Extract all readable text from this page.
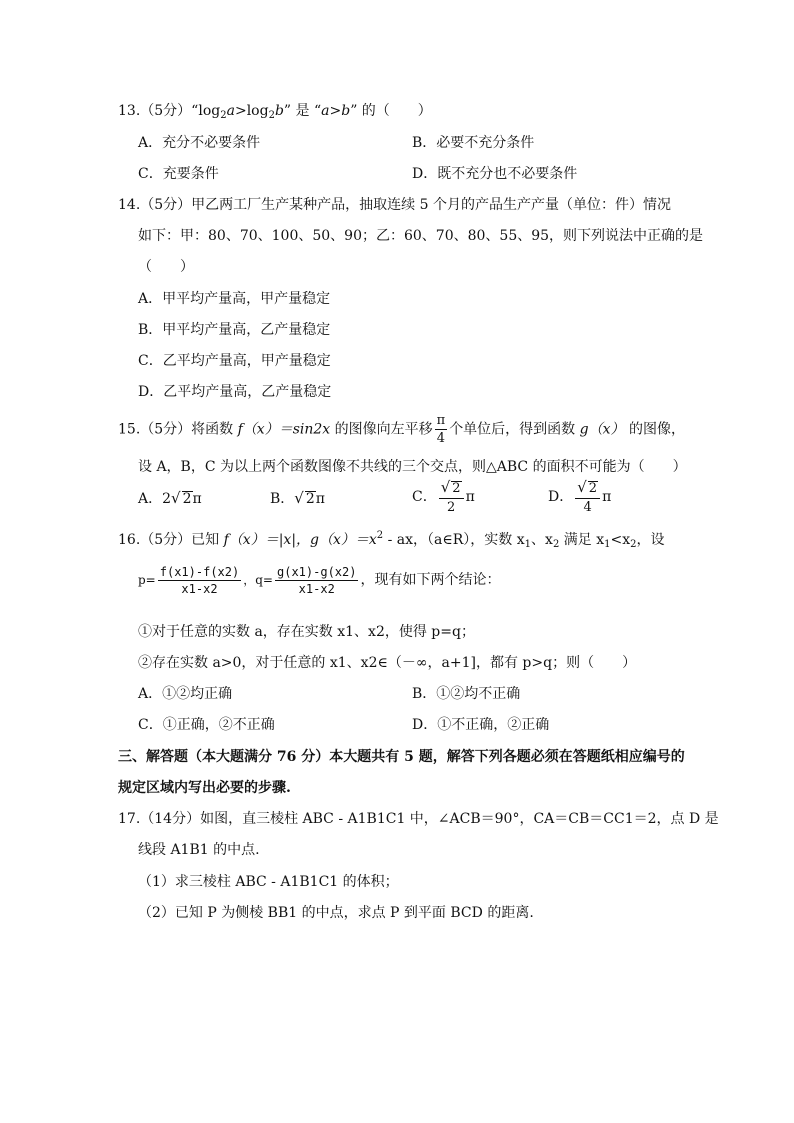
13.（5分）“$\log_2a>\log_2b$” 是 “a>b” 的（　　）
A．充分不必要条件	B．必要不充分条件
C．充要条件	D．既不充分也不必要条件
14.（5分）甲乙两工厂生产某种产品，抽取连续 5 个月的产品生产产量（单位：件）情况
如下：甲：80、70、100、50、90；乙：60、70、80、55、95，则下列说法中正确的是
（　　）
A．甲平均产量高，甲产量稳定
B．甲平均产量高，乙产量稳定
C．乙平均产量高，甲产量稳定
D．乙平均产量高，乙产量稳定
15.（5分）将函数 f（x）＝sin2x 的图像向左平移 $\frac{\pi}{4}$ 个单位后，得到函数 g（x） 的图像，
设 A，B，C 为以上两个函数图像不共线的三个交点，则△ABC 的面积不可能为（　　）
A．2√ 2π	B．√ 2π	C． $\frac{√ 2}{2}$ π	D． $\frac{√ 2}{4}$ π
16.（5分）已知 f（x）＝|x|，$g(x)=x^2$ - ax，（a∈R），实数 $x_1$、$x_2$ 满足 $x_1<x_2$，设
$p= \frac{f(x1)-f(x2)}{x1-x2}$ ，$q= \frac{g(x1)-g(x2)}{x1-x2}$ ，现有如下两个结论：
①对于任意的实数 a，存在实数 x1、x2，使得 p=q；
②存在实数 a>0，对于任意的 x1、x2∈（－∞，a+1]，都有 p>q；则（　　）
A．①②均正确	B．①②均不正确
C．①正确，②不正确	D．①不正确，②正确
三、解答题（本大题满分 76 分）本大题共有 5 题，解答下列各题必须在答题纸相应编号的
规定区域内写出必要的步骤.
17.（14分）如图，直三棱柱 ABC - A1B1C1 中，∠ACB＝90°，CA＝CB＝CC1＝2，点 D 是
线段 A1B1 的中点.
（1）求三棱柱 ABC - A1B1C1 的体积；
（2）已知 P 为侧棱 BB1 的中点，求点 P 到平面 BCD 的距离.
